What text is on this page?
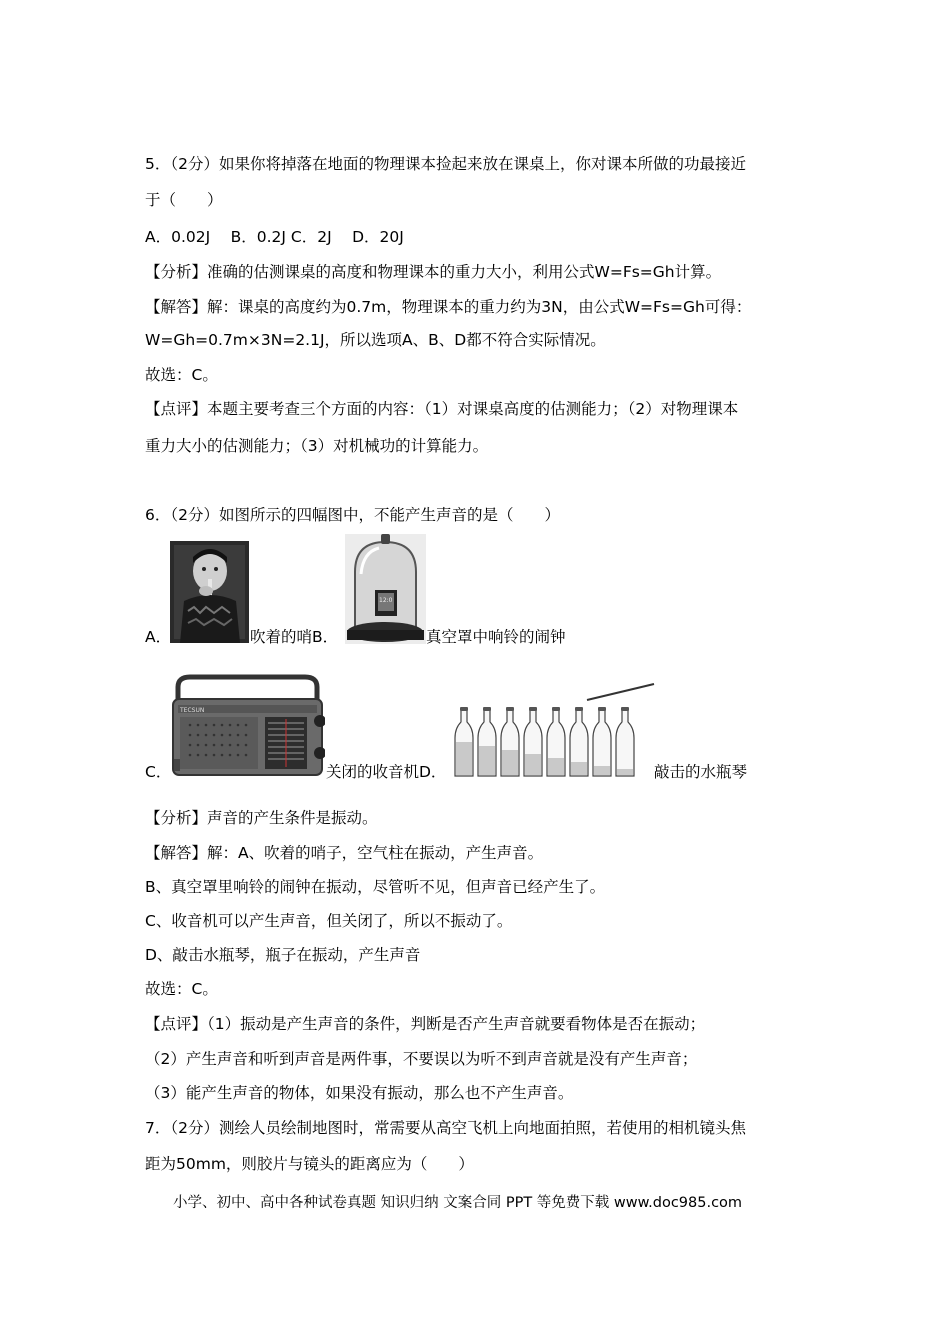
5．（2分）如果你将掉落在地面的物理课本捡起来放在课桌上，你对课本所做的功最接近
于（　　）
A．0.02J　 B．0.2J C．2J　 D．20J
【分析】准确的估测课桌的高度和物理课本的重力大小，利用公式W=Fs=Gh计算。
【解答】解：课桌的高度约为0.7m，物理课本的重力约为3N，由公式W=Fs=Gh可得：
W=Gh=0.7m×3N=2.1J，所以选项A、B、D都不符合实际情况。
故选：C。
【点评】本题主要考查三个方面的内容：（1）对课桌高度的估测能力；（2）对物理课本
重力大小的估测能力；（3）对机械功的计算能力。
6．（2分）如图所示的四幅图中，不能产生声音的是（　　）
A．	吹着的哨B．
12:0
真空罩中响铃的闹钟
TECSUN
C．	关闭的收音机D．	敲击的水瓶琴
【分析】声音的产生条件是振动。
【解答】解：A、吹着的哨子，空气柱在振动，产生声音。
B、真空罩里响铃的闹钟在振动，尽管听不见，但声音已经产生了。
C、收音机可以产生声音，但关闭了，所以不振动了。
D、敲击水瓶琴，瓶子在振动，产生声音
故选：C。
【点评】（1）振动是产生声音的条件，判断是否产生声音就要看物体是否在振动；
（2）产生声音和听到声音是两件事，不要误以为听不到声音就是没有产生声音；
（3）能产生声音的物体，如果没有振动，那么也不产生声音。
7．（2分）测绘人员绘制地图时，常需要从高空飞机上向地面拍照，若使用的相机镜头焦
距为50mm，则胶片与镜头的距离应为（　　）
小学、初中、高中各种试卷真题 知识归纳 文案合同 PPT 等免费下载 www.doc985.com
